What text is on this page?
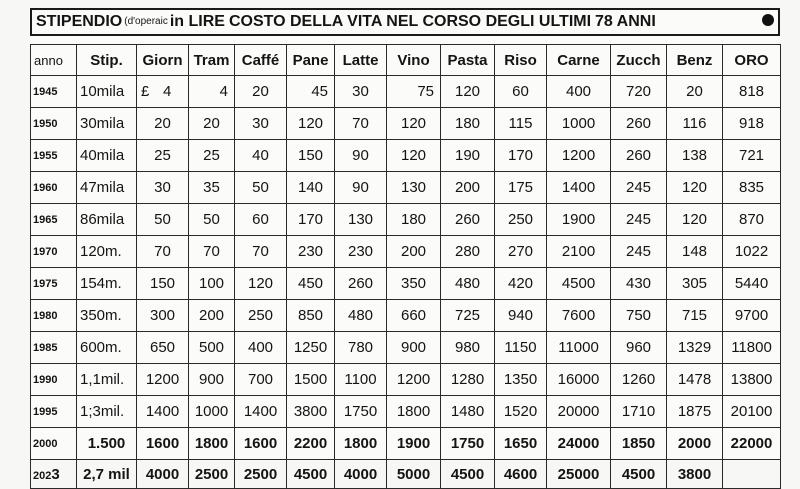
STIPENDIO (d'operaic in LIRE COSTO DELLA VITA NEL CORSO DEGLI ULTIMI 78 ANNI
anno	Stip.	Giorn	Tram	Caffé	Pane	Latte	Vino	Pasta	Riso	Carne	Zucch	Benz	ORO
1945	10mila	£ 4	4	20	45	30	75	120	60	400	720	20	818
1950	30mila	20	20	30	120	70	120	180	115	1000	260	116	918
1955	40mila	25	25	40	150	90	120	190	170	1200	260	138	721
1960	47mila	30	35	50	140	90	130	200	175	1400	245	120	835
1965	86mila	50	50	60	170	130	180	260	250	1900	245	120	870
1970	120m.	70	70	70	230	230	200	280	270	2100	245	148	1022
1975	154m.	150	100	120	450	260	350	480	420	4500	430	305	5440
1980	350m.	300	200	250	850	480	660	725	940	7600	750	715	9700
1985	600m.	650	500	400	1250	780	900	980	1150	11000	960	1329	11800
1990	1,1mil.	1200	900	700	1500	1100	1200	1280	1350	16000	1260	1478	13800
1995	1;3mil.	1400	1000	1400	3800	1750	1800	1480	1520	20000	1710	1875	20100
2000	1.500	1600	1800	1600	2200	1800	1900	1750	1650	24000	1850	2000	22000
2023	2,7 mil	4000	2500	2500	4500	4000	5000	4500	4600	25000	4500	3800	
